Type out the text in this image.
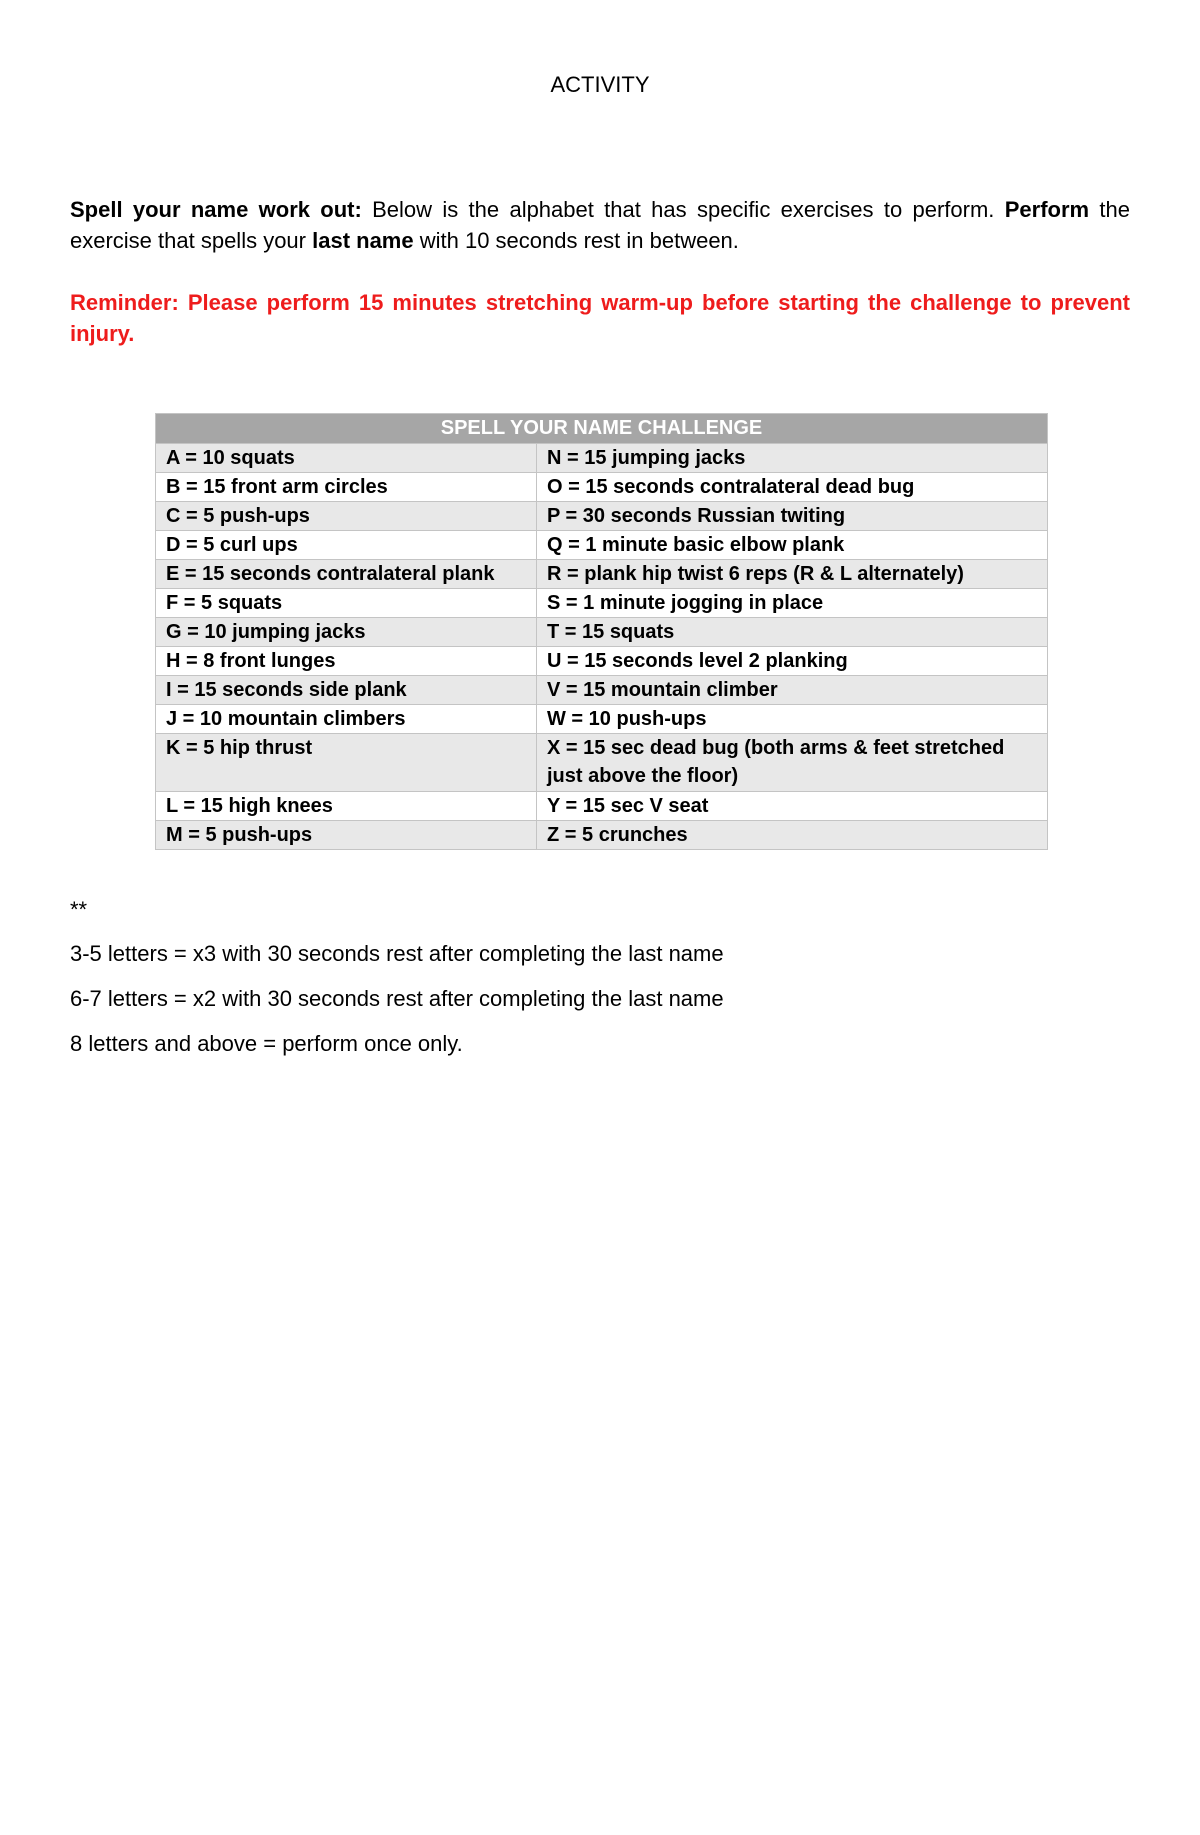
ACTIVITY

Spell your name work out: Below is the alphabet that has specific exercises to perform. Perform the exercise that spells your last name with 10 seconds rest in between.

Reminder: Please perform 15 minutes stretching warm-up before starting the challenge to prevent injury.

SPELL YOUR NAME CHALLENGE	
A = 10 squats	N = 15 jumping jacks
B = 15 front arm circles	O = 15 seconds contralateral dead bug
C = 5 push-ups	P = 30 seconds Russian twiting
D = 5 curl ups	Q = 1 minute basic elbow plank
E = 15 seconds contralateral plank	R = plank hip twist 6 reps (R & L alternately)
F = 5 squats	S = 1 minute jogging in place
G = 10 jumping jacks	T = 15 squats
H = 8 front lunges	U = 15 seconds level 2 planking
I = 15 seconds side plank	V = 15 mountain climber
J = 10 mountain climbers	W = 10 push-ups
K = 5 hip thrust	X = 15 sec dead bug (both arms & feet stretched just above the floor)
L = 15 high knees	Y = 15 sec V seat
M = 5 push-ups	Z = 5 crunches
**
3-5 letters = x3 with 30 seconds rest after completing the last name
6-7 letters = x2 with 30 seconds rest after completing the last name
8 letters and above = perform once only.
